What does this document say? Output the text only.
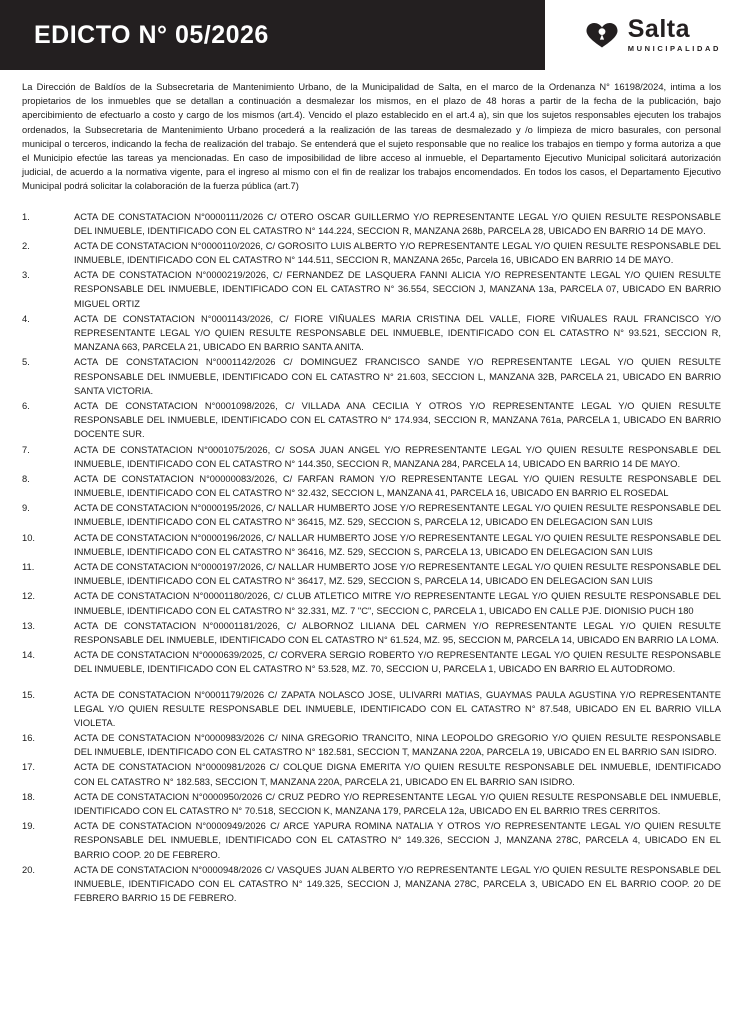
EDICTO N° 05/2026	Salta
MUNICIPALIDAD

La Dirección de Baldíos de la Subsecretaria de Mantenimiento Urbano, de la Municipalidad de Salta, en el marco de la Ordenanza N° 16198/2024, intima a los propietarios de los inmuebles que se detallan a continuación a desmalezar los mismos, en el plazo de 48 horas a partir de la fecha de la publicación, bajo apercibimiento de efectuarlo a costo y cargo de los mismos (art.4). Vencido el plazo establecido en el art.4 a), sin que los sujetos responsables ejecuten los trabajos ordenados, la Subsecretaria de Mantenimiento Urbano procederá a la realización de las tareas de desmalezado y /o limpieza de micro basurales, con personal municipal o terceros, indicando la fecha de realización del trabajo. Se entenderá que el sujeto responsable que no realice los trabajos en tiempo y forma autoriza a que el Municipio efectúe las tareas ya mencionadas. En caso de imposibilidad de libre acceso al inmueble, el Departamento Ejecutivo Municipal solicitará autorización judicial, de acuerdo a la normativa vigente, para el ingreso al mismo con el fin de realizar los trabajos encomendados. En todos los casos, el Departamento Ejecutivo Municipal podrá solicitar la colaboración de la fuerza pública (art.7)

1.	ACTA DE CONSTATACION N°0000111/2026 C/ OTERO OSCAR GUILLERMO Y/O REPRESENTANTE LEGAL Y/O QUIEN RESULTE RESPONSABLE DEL INMUEBLE, IDENTIFICADO CON EL CATASTRO N° 144.224, SECCION R, MANZANA 268b, PARCELA 28, UBICADO EN BARRIO 14 DE MAYO.
2.	ACTA DE CONSTATACION N°0000110/2026, C/ GOROSITO LUIS ALBERTO Y/O REPRESENTANTE LEGAL Y/O QUIEN RESULTE RESPONSABLE DEL INMUEBLE, IDENTIFICADO CON EL CATASTRO N° 144.511, SECCION R, MANZANA 265c, Parcela 16, UBICADO EN BARRIO 14 DE MAYO.
3.	ACTA DE CONSTATACION N°0000219/2026, C/ FERNANDEZ DE LASQUERA FANNI ALICIA Y/O REPRESENTANTE LEGAL Y/O QUIEN RESULTE RESPONSABLE DEL INMUEBLE, IDENTIFICADO CON EL CATASTRO N° 36.554, SECCION J, MANZANA 13a, PARCELA 07, UBICADO EN BARRIO MIGUEL ORTIZ
4.	ACTA DE CONSTATACION N°0001143/2026, C/ FIORE VIÑUALES MARIA CRISTINA DEL VALLE, FIORE VIÑUALES RAUL FRANCISCO Y/O REPRESENTANTE LEGAL Y/O QUIEN RESULTE RESPONSABLE DEL INMUEBLE, IDENTIFICADO CON EL CATASTRO N° 93.521, SECCION R, MANZANA 663, PARCELA 21, UBICADO EN BARRIO SANTA ANITA.
5.	ACTA DE CONSTATACION N°0001142/2026 C/ DOMINGUEZ FRANCISCO SANDE Y/O REPRESENTANTE LEGAL Y/O QUIEN RESULTE RESPONSABLE DEL INMUEBLE, IDENTIFICADO CON EL CATASTRO N° 21.603, SECCION L, MANZANA 32B, PARCELA 21, UBICADO EN BARRIO SANTA VICTORIA.
6.	ACTA DE CONSTATACION N°0001098/2026, C/ VILLADA ANA CECILIA Y OTROS Y/O REPRESENTANTE LEGAL Y/O QUIEN RESULTE RESPONSABLE DEL INMUEBLE, IDENTIFICADO CON EL CATASTRO N° 174.934, SECCION R, MANZANA 761a, PARCELA 1, UBICADO EN BARRIO DOCENTE SUR.
7.	ACTA DE CONSTATACION N°0001075/2026, C/ SOSA JUAN ANGEL Y/O REPRESENTANTE LEGAL Y/O QUIEN RESULTE RESPONSABLE DEL INMUEBLE, IDENTIFICADO CON EL CATASTRO N° 144.350, SECCION R, MANZANA 284, PARCELA 14, UBICADO EN BARRIO 14 DE MAYO.
8.	ACTA DE CONSTATACION N°00000083/2026, C/ FARFAN RAMON Y/O REPRESENTANTE LEGAL Y/O QUIEN RESULTE RESPONSABLE DEL INMUEBLE, IDENTIFICADO CON EL CATASTRO N° 32.432, SECCION L, MANZANA 41, PARCELA 16, UBICADO EN BARRIO EL ROSEDAL
9.	ACTA DE CONSTATACION N°0000195/2026, C/ NALLAR HUMBERTO JOSE Y/O REPRESENTANTE LEGAL Y/O QUIEN RESULTE RESPONSABLE DEL INMUEBLE, IDENTIFICADO CON EL CATASTRO N° 36415, MZ. 529, SECCION S, PARCELA 12, UBICADO EN DELEGACION SAN LUIS
10.	ACTA DE CONSTATACION N°0000196/2026, C/ NALLAR HUMBERTO JOSE Y/O REPRESENTANTE LEGAL Y/O QUIEN RESULTE RESPONSABLE DEL INMUEBLE, IDENTIFICADO CON EL CATASTRO N° 36416, MZ. 529, SECCION S, PARCELA 13, UBICADO EN DELEGACION SAN LUIS
11.	ACTA DE CONSTATACION N°0000197/2026, C/ NALLAR HUMBERTO JOSE Y/O REPRESENTANTE LEGAL Y/O QUIEN RESULTE RESPONSABLE DEL INMUEBLE, IDENTIFICADO CON EL CATASTRO N° 36417, MZ. 529, SECCION S, PARCELA 14, UBICADO EN DELEGACION SAN LUIS
12.	ACTA DE CONSTATACION N°00001180/2026, C/ CLUB ATLETICO MITRE Y/O REPRESENTANTE LEGAL Y/O QUIEN RESULTE RESPONSABLE DEL INMUEBLE, IDENTIFICADO CON EL CATASTRO N° 32.331, MZ. 7 "C", SECCION C, PARCELA 1, UBICADO EN CALLE PJE. DIONISIO PUCH 180
13.	ACTA DE CONSTATACION N°00001181/2026, C/ ALBORNOZ LILIANA DEL CARMEN Y/O REPRESENTANTE LEGAL Y/O QUIEN RESULTE RESPONSABLE DEL INMUEBLE, IDENTIFICADO CON EL CATASTRO N° 61.524, MZ. 95, SECCION M, PARCELA 14, UBICADO EN BARRIO LA LOMA.
14.	ACTA DE CONSTATACION N°0000639/2025, C/ CORVERA SERGIO ROBERTO Y/O REPRESENTANTE LEGAL Y/O QUIEN RESULTE RESPONSABLE DEL INMUEBLE, IDENTIFICADO CON EL CATASTRO N° 53.528, MZ. 70, SECCION U, PARCELA 1, UBICADO EN BARRIO EL AUTODROMO.
15.	ACTA DE CONSTATACION N°0001179/2026 C/ ZAPATA NOLASCO JOSE, ULIVARRI MATIAS, GUAYMAS PAULA AGUSTINA Y/O REPRESENTANTE LEGAL Y/O QUIEN RESULTE RESPONSABLE DEL INMUEBLE, IDENTIFICADO CON EL CATASTRO N° 87.548, UBICADO EN EL BARRIO VILLA VIOLETA.
16.	ACTA DE CONSTATACION N°0000983/2026 C/ NINA GREGORIO TRANCITO, NINA LEOPOLDO GREGORIO Y/O QUIEN RESULTE RESPONSABLE DEL INMUEBLE, IDENTIFICADO CON EL CATASTRO N° 182.581, SECCION T, MANZANA 220A, PARCELA 19, UBICADO EN EL BARRIO SAN ISIDRO.
17.	ACTA DE CONSTATACION N°0000981/2026 C/ COLQUE DIGNA EMERITA Y/O QUIEN RESULTE RESPONSABLE DEL INMUEBLE, IDENTIFICADO CON EL CATASTRO N° 182.583, SECCION T, MANZANA 220A, PARCELA 21, UBICADO EN EL BARRIO SAN ISIDRO.
18.	ACTA DE CONSTATACION N°0000950/2026 C/ CRUZ PEDRO Y/O REPRESENTANTE LEGAL Y/O QUIEN RESULTE RESPONSABLE DEL INMUEBLE, IDENTIFICADO CON EL CATASTRO N° 70.518, SECCION K, MANZANA 179, PARCELA 12a, UBICADO EN EL BARRIO TRES CERRITOS.
19.	ACTA DE CONSTATACION N°0000949/2026 C/ ARCE YAPURA ROMINA NATALIA Y OTROS Y/O REPRESENTANTE LEGAL Y/O QUIEN RESULTE RESPONSABLE DEL INMUEBLE, IDENTIFICADO CON EL CATASTRO N° 149.326, SECCION J, MANZANA 278C, PARCELA 4, UBICADO EN EL BARRIO COOP. 20 DE FEBRERO.
20.	ACTA DE CONSTATACION N°0000948/2026 C/ VASQUES JUAN ALBERTO Y/O REPRESENTANTE LEGAL Y/O QUIEN RESULTE RESPONSABLE DEL INMUEBLE, IDENTIFICADO CON EL CATASTRO N° 149.325, SECCION J, MANZANA 278C, PARCELA 3, UBICADO EN EL BARRIO COOP. 20 DE FEBRERO BARRIO 15 DE FEBRERO.
